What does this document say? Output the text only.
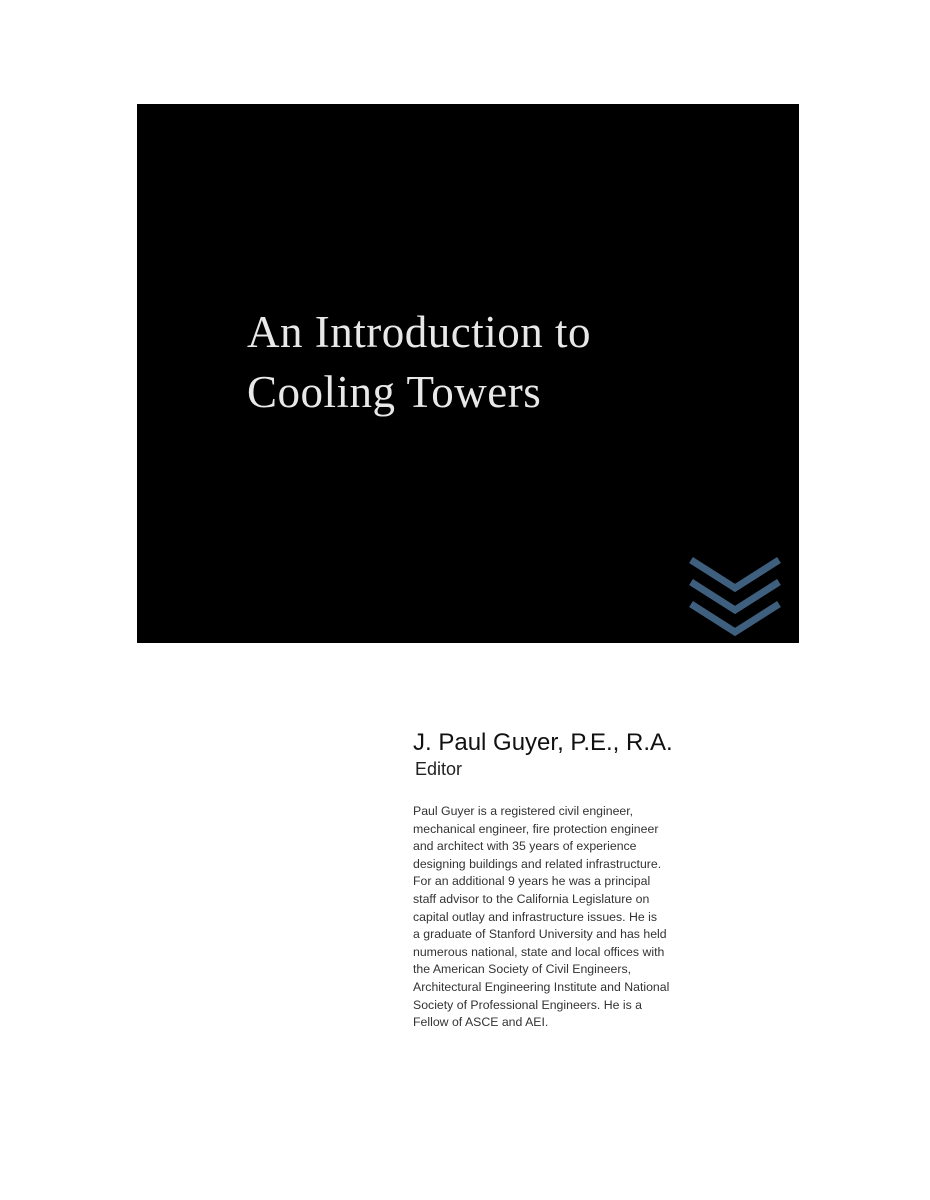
An Introduction to
Cooling Towers

J. Paul Guyer, P.E., R.A.

Editor

Paul Guyer is a registered civil engineer,
mechanical engineer, fire protection engineer
and architect with 35 years of experience
designing buildings and related infrastructure.
For an additional 9 years he was a principal
staff advisor to the California Legislature on
capital outlay and infrastructure issues. He is
a graduate of Stanford University and has held
numerous national, state and local offices with
the American Society of Civil Engineers,
Architectural Engineering Institute and National
Society of Professional Engineers. He is a
Fellow of ASCE and AEI.
